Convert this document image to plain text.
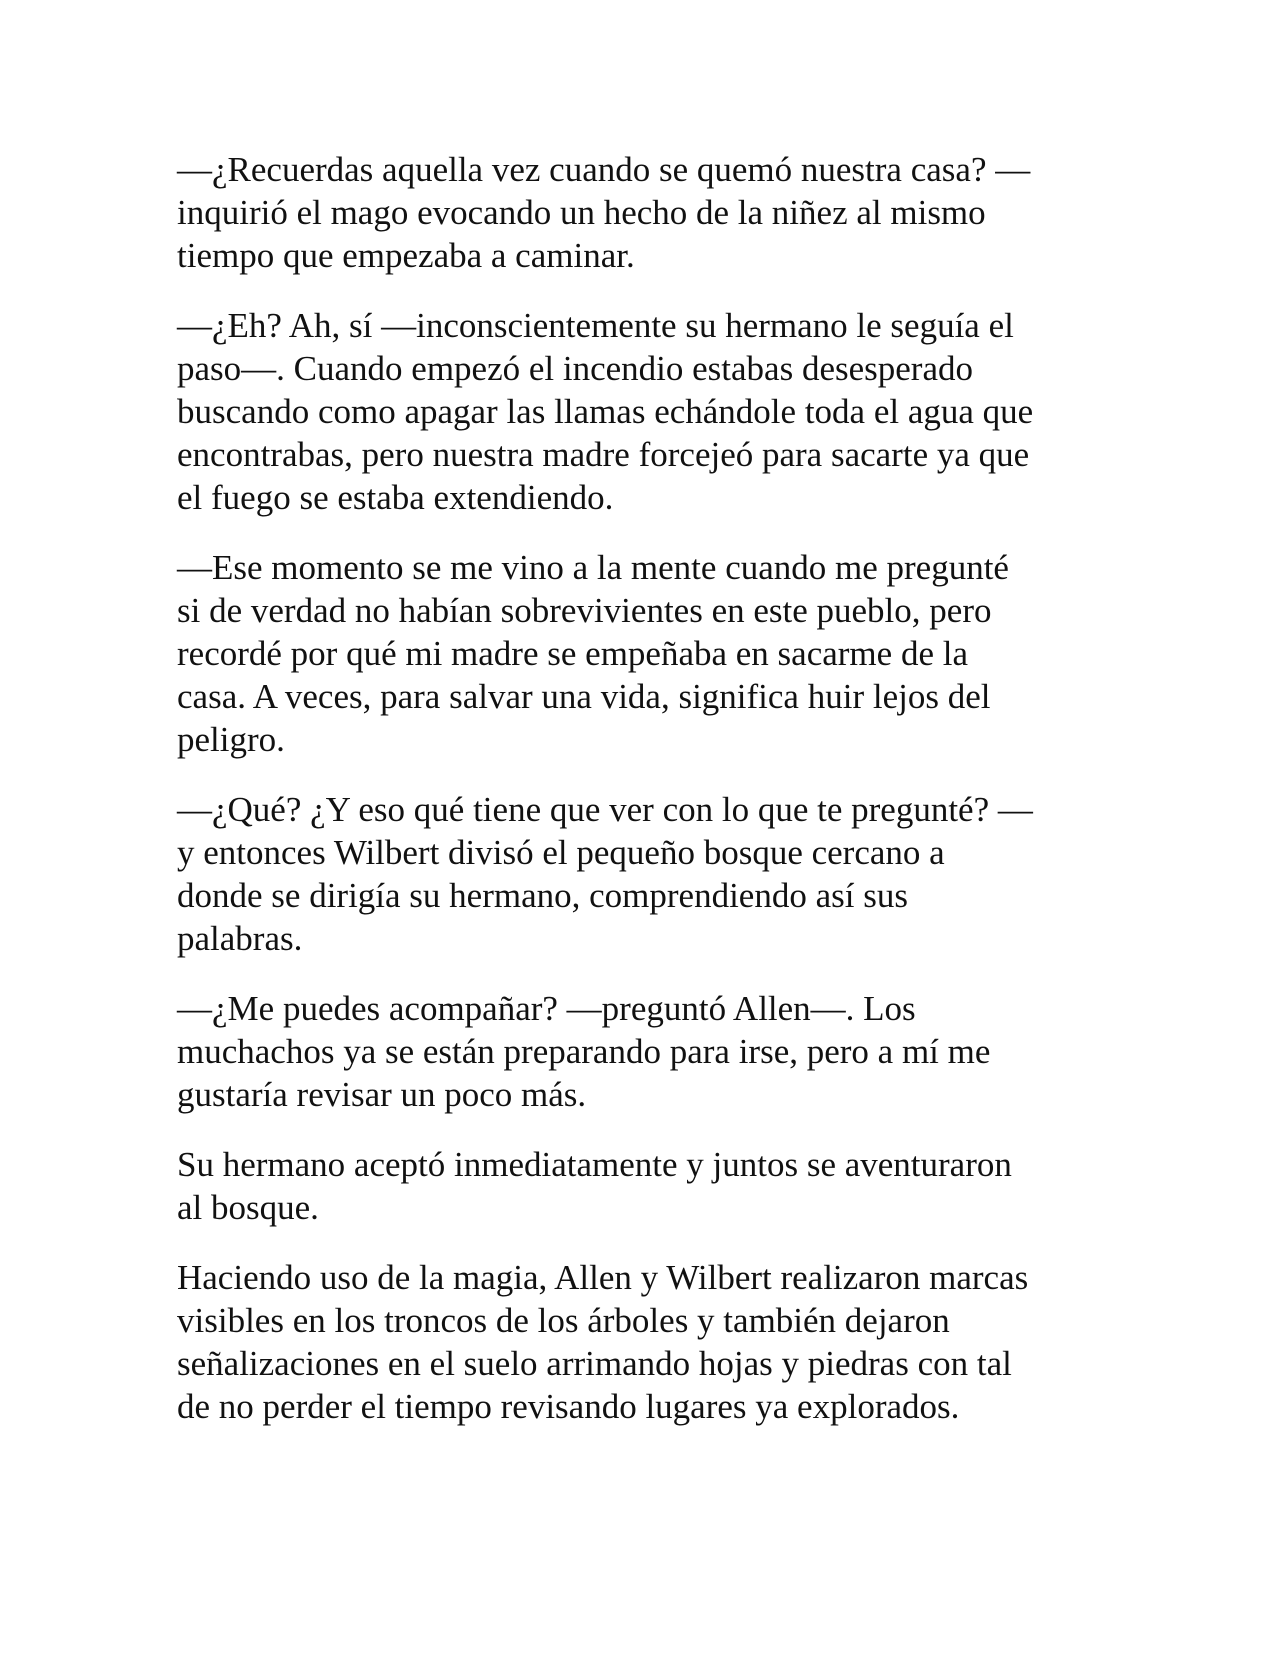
—¿Recuerdas aquella vez cuando se quemó nuestra casa? —
inquirió el mago evocando un hecho de la niñez al mismo
tiempo que empezaba a caminar.

—¿Eh? Ah, sí —inconscientemente su hermano le seguía el
paso—. Cuando empezó el incendio estabas desesperado
buscando como apagar las llamas echándole toda el agua que
encontrabas, pero nuestra madre forcejeó para sacarte ya que
el fuego se estaba extendiendo.

—Ese momento se me vino a la mente cuando me pregunté
si de verdad no habían sobrevivientes en este pueblo, pero
recordé por qué mi madre se empeñaba en sacarme de la
casa. A veces, para salvar una vida, significa huir lejos del
peligro.

—¿Qué? ¿Y eso qué tiene que ver con lo que te pregunté? —
y entonces Wilbert divisó el pequeño bosque cercano a
donde se dirigía su hermano, comprendiendo así sus
palabras.

—¿Me puedes acompañar? —preguntó Allen—. Los
muchachos ya se están preparando para irse, pero a mí me
gustaría revisar un poco más.

Su hermano aceptó inmediatamente y juntos se aventuraron
al bosque.

Haciendo uso de la magia, Allen y Wilbert realizaron marcas
visibles en los troncos de los árboles y también dejaron
señalizaciones en el suelo arrimando hojas y piedras con tal
de no perder el tiempo revisando lugares ya explorados.
